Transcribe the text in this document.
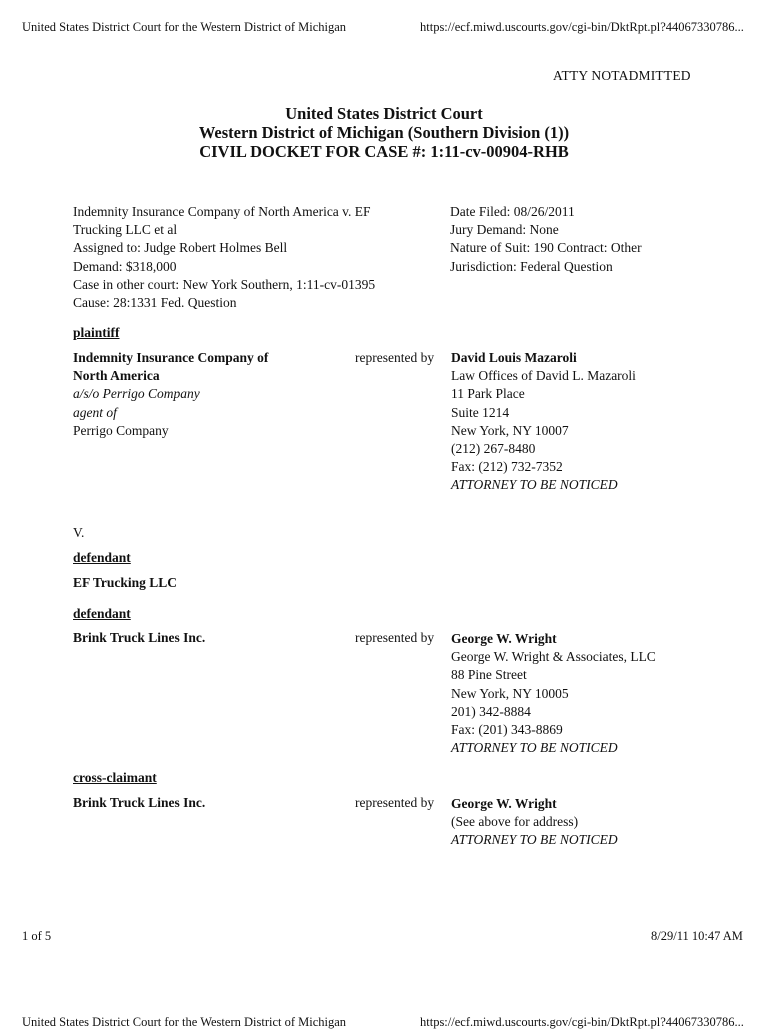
United States District Court for the Western District of Michigan	https://ecf.miwd.uscourts.gov/cgi-bin/DktRpt.pl?44067330786...
ATTY NOTADMITTED
United States District Court
Western District of Michigan (Southern Division (1))
CIVIL DOCKET FOR CASE #: 1:11-cv-00904-RHB
Indemnity Insurance Company of North America v. EF
Trucking LLC et al
Assigned to: Judge Robert Holmes Bell
Demand: $318,000
Case in other court: New York Southern, 1:11-cv-01395
Cause: 28:1331 Fed. Question
Date Filed: 08/26/2011
Jury Demand: None
Nature of Suit: 190 Contract: Other
Jurisdiction: Federal Question
plaintiff
Indemnity Insurance Company of
North America
a/s/o Perrigo Company
agent of
Perrigo Company
represented by David Louis Mazaroli
Law Offices of David L. Mazaroli
11 Park Place
Suite 1214
New York, NY 10007
(212) 267-8480
Fax: (212) 732-7352
ATTORNEY TO BE NOTICED
V.
defendant
EF Trucking LLC
defendant
Brink Truck Lines Inc.	represented by George W. Wright
George W. Wright & Associates, LLC
88 Pine Street
New York, NY 10005
201) 342-8884
Fax: (201) 343-8869
ATTORNEY TO BE NOTICED
cross-claimant
Brink Truck Lines Inc.	represented by George W. Wright
(See above for address)
ATTORNEY TO BE NOTICED
1 of 5	8/29/11 10:47 AM
United States District Court for the Western District of Michigan	https://ecf.miwd.uscourts.gov/cgi-bin/DktRpt.pl?44067330786...
